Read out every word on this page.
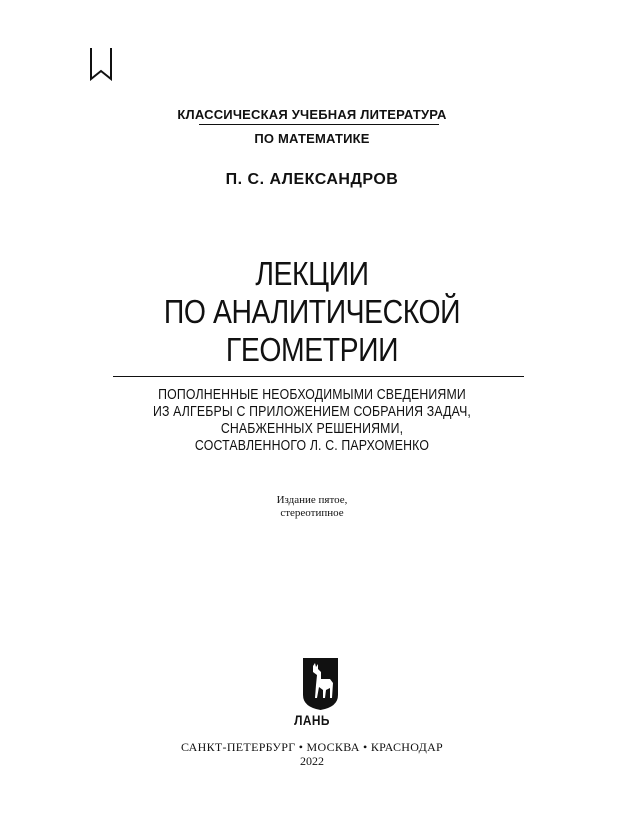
КЛАССИЧЕСКАЯ УЧЕБНАЯ ЛИТЕРАТУРА
ПО МАТЕМАТИКЕ
П. С. АЛЕКСАНДРОВ
ЛЕКЦИИ
ПО АНАЛИТИЧЕСКОЙ
ГЕОМЕТРИИ
ПОПОЛНЕННЫЕ НЕОБХОДИМЫМИ СВЕДЕНИЯМИ
ИЗ АЛГЕБРЫ С ПРИЛОЖЕНИЕМ СОБРАНИЯ ЗАДАЧ,
СНАБЖЕННЫХ РЕШЕНИЯМИ,
СОСТАВЛЕННОГО Л. С. ПАРХОМЕНКО
Издание пятое,
стереотипное
ЛАНЬ
САНКТ-ПЕТЕРБУРГ • МОСКВА • КРАСНОДАР
2022
